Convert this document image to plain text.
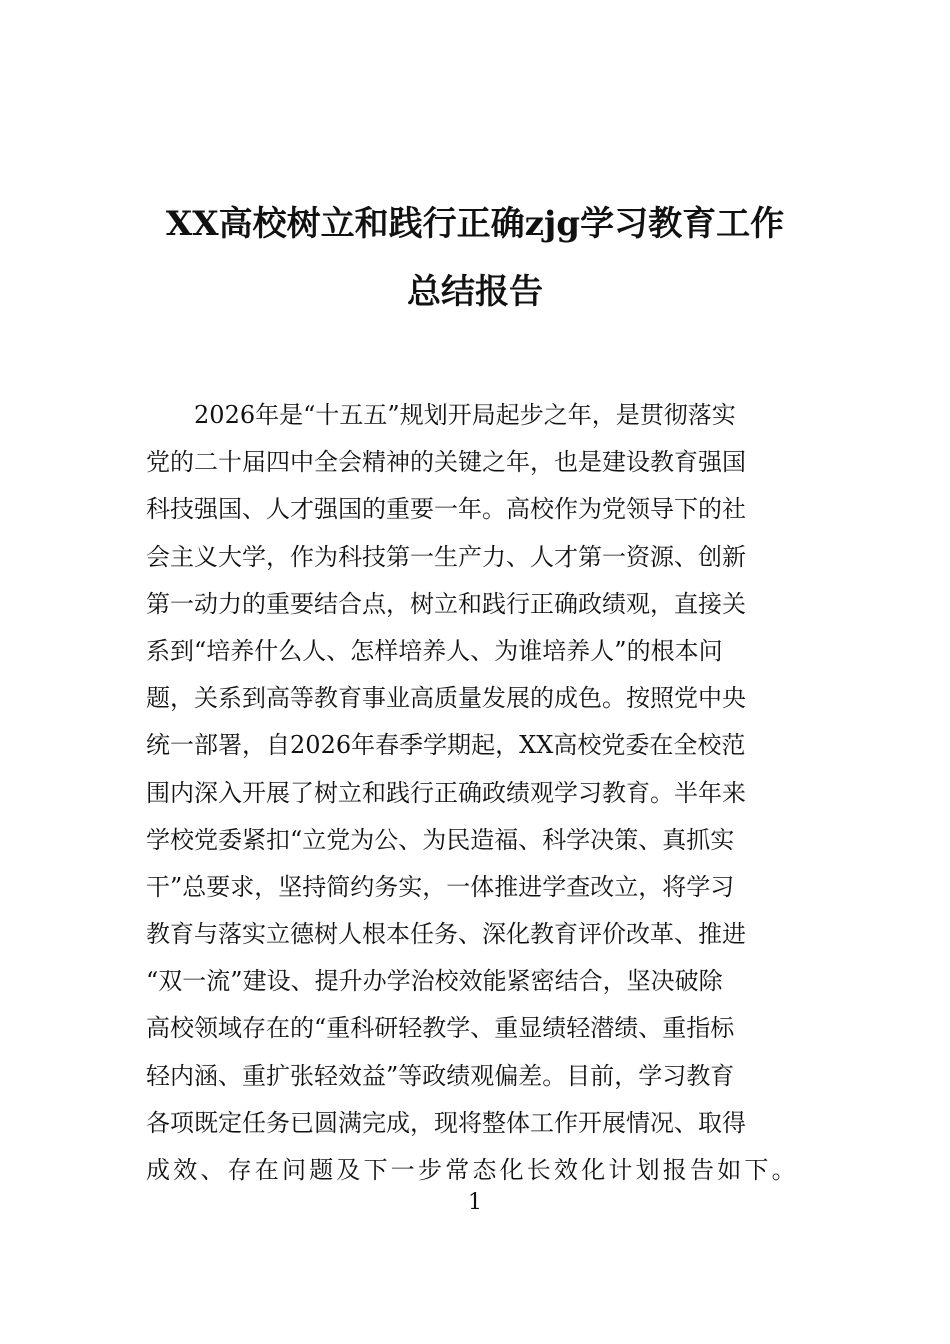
XX高校树立和践行正确zjg学习教育工作
总结报告
2026年是“十五五”规划开局起步之年，是贯彻落实
党的二十届四中全会精神的关键之年，也是建设教育强国
科技强国、人才强国的重要一年。高校作为党领导下的社
会主义大学，作为科技第一生产力、人才第一资源、创新
第一动力的重要结合点，树立和践行正确政绩观，直接关
系到“培养什么人、怎样培养人、为谁培养人”的根本问
题，关系到高等教育事业高质量发展的成色。按照党中央
统一部署，自2026年春季学期起，XX高校党委在全校范
围内深入开展了树立和践行正确政绩观学习教育。半年来
学校党委紧扣“立党为公、为民造福、科学决策、真抓实
干”总要求，坚持简约务实，一体推进学查改立，将学习
教育与落实立德树人根本任务、深化教育评价改革、推进
“双一流”建设、提升办学治校效能紧密结合，坚决破除
高校领域存在的“重科研轻教学、重显绩轻潜绩、重指标
轻内涵、重扩张轻效益”等政绩观偏差。目前，学习教育
各项既定任务已圆满完成，现将整体工作开展情况、取得
成效、存在问题及下一步常态化长效化计划报告如下。
1
